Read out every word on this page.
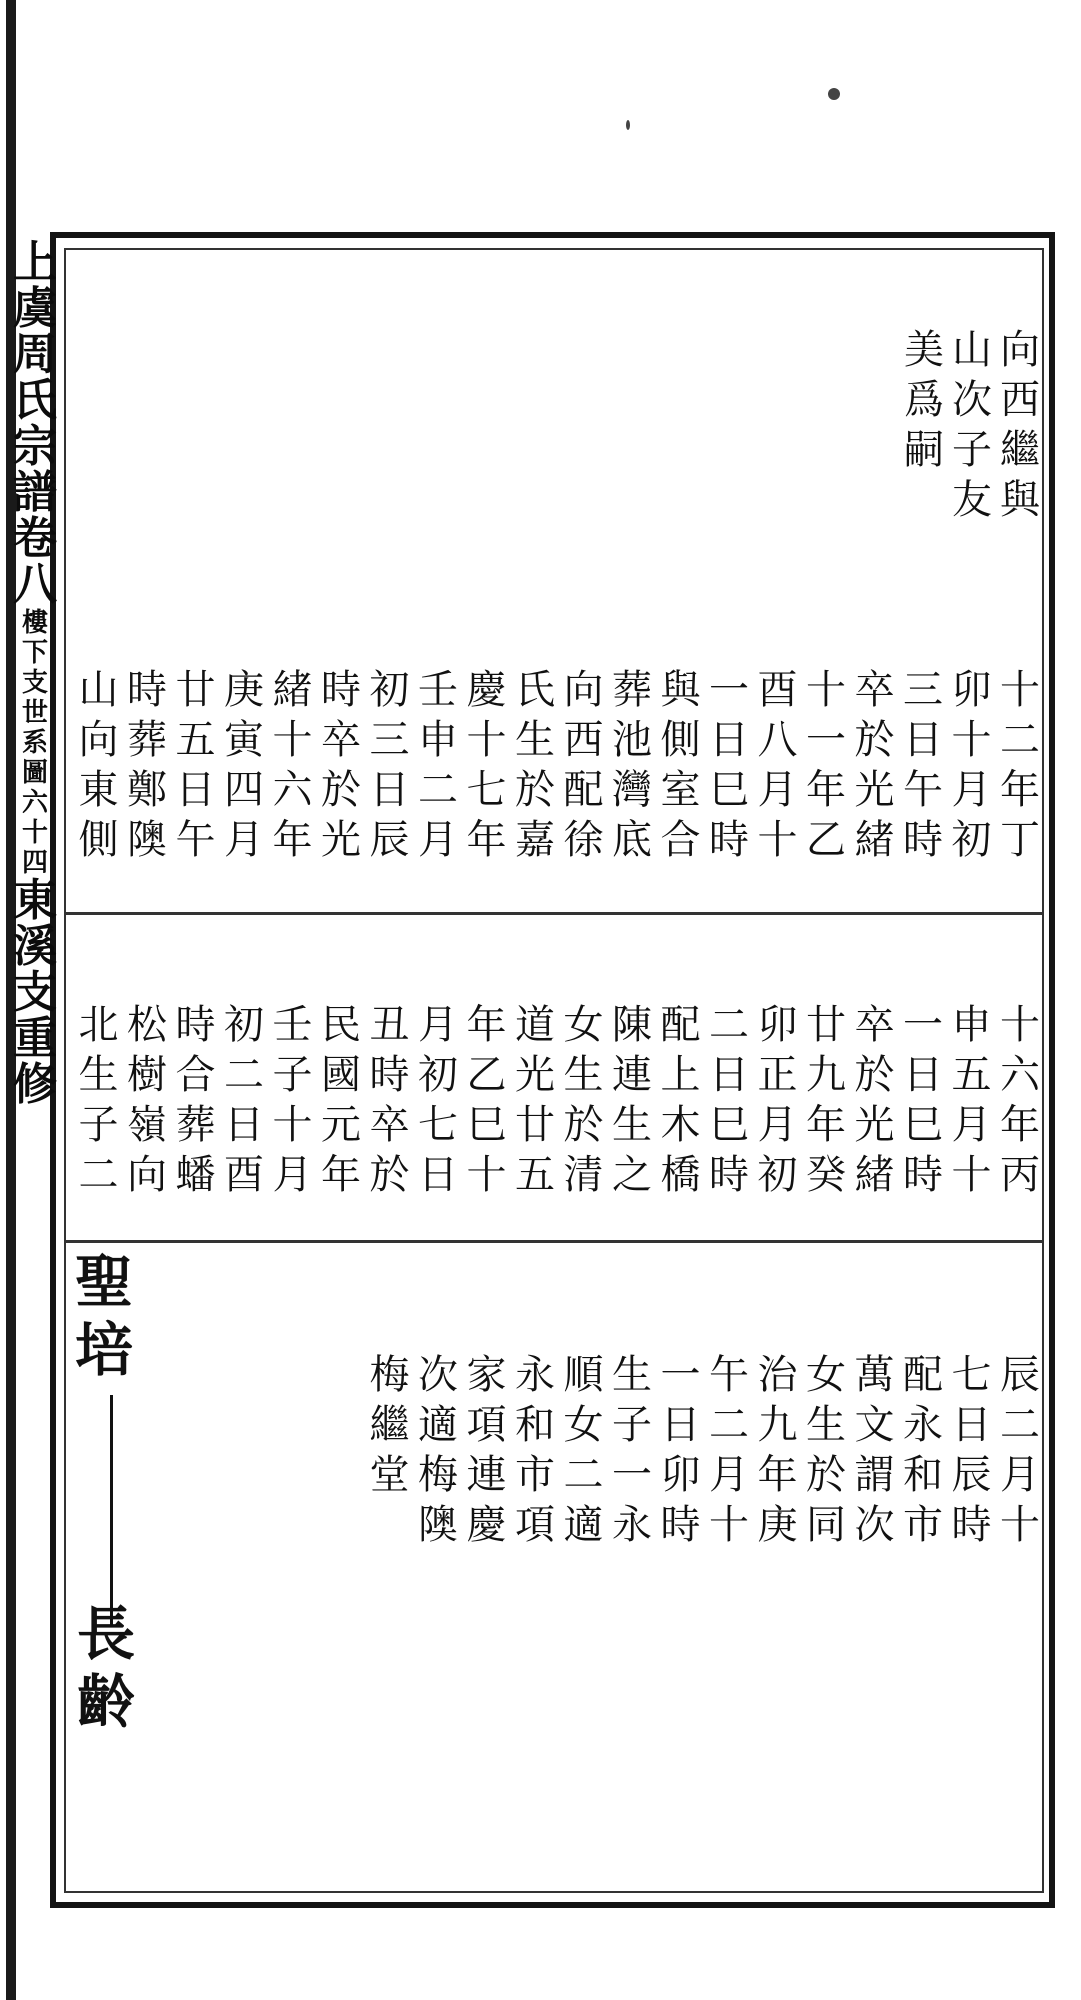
上
虞
周
氏
宗
譜
卷
八
樓
下
支
世
系
圖
六
十
四
東
溪
支
重
修
向
西
繼
與
山
次
子
友
美
爲
嗣
十
二
年
丁
卯
十
月
初
三
日
午
時
卒
於
光
緒
十
一
年
乙
酉
八
月
十
一
日
巳
時
與
側
室
合
葬
池
灣
底
向
西
配
徐
氏
生
於
嘉
慶
十
七
年
壬
申
二
月
初
三
日
辰
時
卒
於
光
緒
十
六
年
庚
寅
四
月
廿
五
日
午
時
葬
鄭
隩
山
向
東
側
十
六
年
丙
申
五
月
十
一
日
巳
時
卒
於
光
緒
廿
九
年
癸
卯
正
月
初
二
日
巳
時
配
上
木
橋
陳
連
生
之
女
生
於
清
道
光
廿
五
年
乙
巳
十
月
初
七
日
丑
時
卒
於
民
國
元
年
壬
子
十
月
初
二
日
酉
時
合
葬
蟠
松
樹
嶺
向
北
生
子
二
辰
二
月
十
七
日
辰
時
配
永
和
市
萬
文
謂
次
女
生
於
同
治
九
年
庚
午
二
月
十
一
日
卯
時
生
子
一
永
順
女
二
適
永
和
市
項
家
項
連
慶
次
適
梅
隩
梅
繼
堂
聖
培
長
齡
